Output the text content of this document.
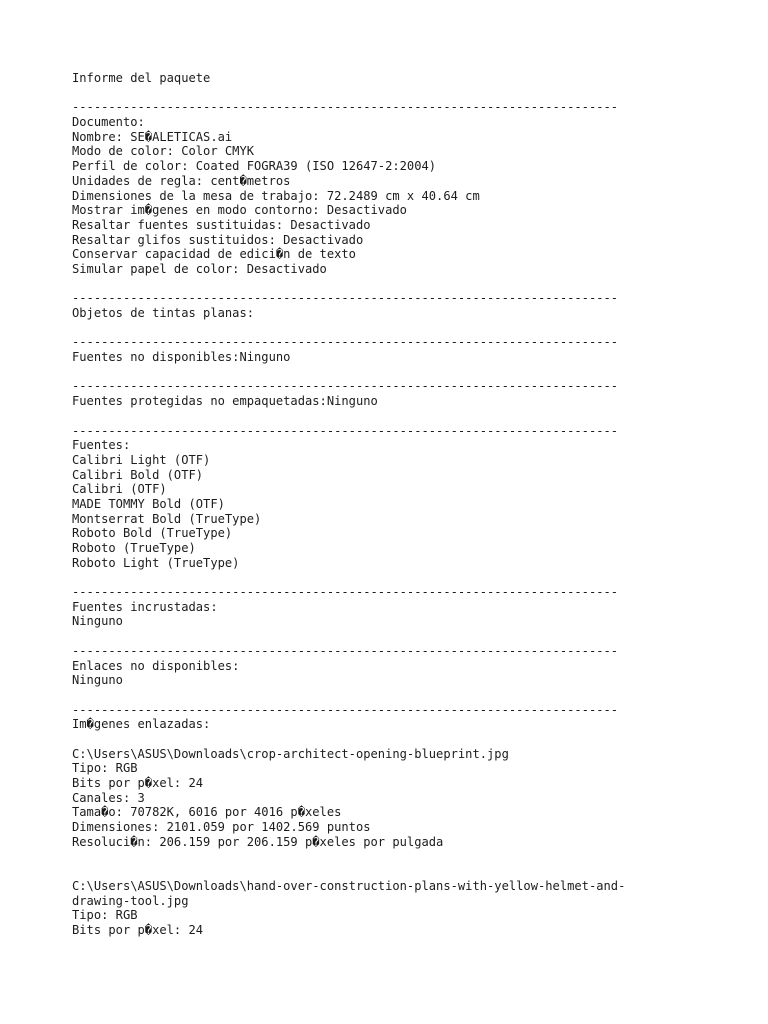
Informe del paquete
---------------------------------------------------------------------------
Documento:
Nombre: SE�ALETICAS.ai
Modo de color: Color CMYK
Perfil de color: Coated FOGRA39 (ISO 12647-2:2004)
Unidades de regla: cent�metros
Dimensiones de la mesa de trabajo: 72.2489 cm x 40.64 cm
Mostrar im�genes en modo contorno: Desactivado
Resaltar fuentes sustituidas: Desactivado
Resaltar glifos sustituidos: Desactivado
Conservar capacidad de edici�n de texto
Simular papel de color: Desactivado
---------------------------------------------------------------------------
Objetos de tintas planas:
---------------------------------------------------------------------------
Fuentes no disponibles:Ninguno
---------------------------------------------------------------------------
Fuentes protegidas no empaquetadas:Ninguno
---------------------------------------------------------------------------
Fuentes:
Calibri Light (OTF)
Calibri Bold (OTF)
Calibri (OTF)
MADE TOMMY Bold (OTF)
Montserrat Bold (TrueType)
Roboto Bold (TrueType)
Roboto (TrueType)
Roboto Light (TrueType)
---------------------------------------------------------------------------
Fuentes incrustadas:
Ninguno
---------------------------------------------------------------------------
Enlaces no disponibles:
Ninguno
---------------------------------------------------------------------------
Im�genes enlazadas:
C:\Users\ASUS\Downloads\crop-architect-opening-blueprint.jpg
Tipo: RGB
Bits por p�xel: 24
Canales: 3
Tama�o: 70782K, 6016 por 4016 p�xeles
Dimensiones: 2101.059 por 1402.569 puntos
Resoluci�n: 206.159 por 206.159 p�xeles por pulgada
C:\Users\ASUS\Downloads\hand-over-construction-plans-with-yellow-helmet-and-
drawing-tool.jpg
Tipo: RGB
Bits por p�xel: 24
